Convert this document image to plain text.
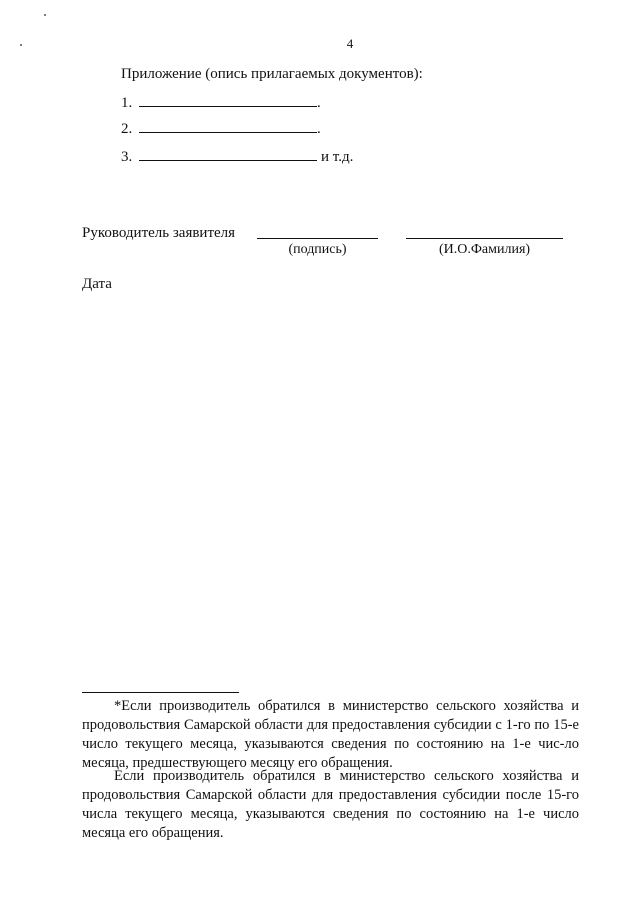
4
Приложение (опись прилагаемых документов):
1.	.
2.	.
3.	и т.д.
Руководитель заявителя
(подпись)	(И.О.Фамилия)
Дата

*Если производитель обратился в министерство сельского хозяйства и продовольствия Самарской области для предоставления субсидии с 1-го по 15-е число текущего месяца, указываются сведения по состоянию на 1-е чис-ло месяца, предшествующего месяцу его обращения.

Если производитель обратился в министерство сельского хозяйства и продовольствия Самарской области для предоставления субсидии после 15-го числа текущего месяца, указываются сведения по состоянию на 1-е число месяца его обращения.
